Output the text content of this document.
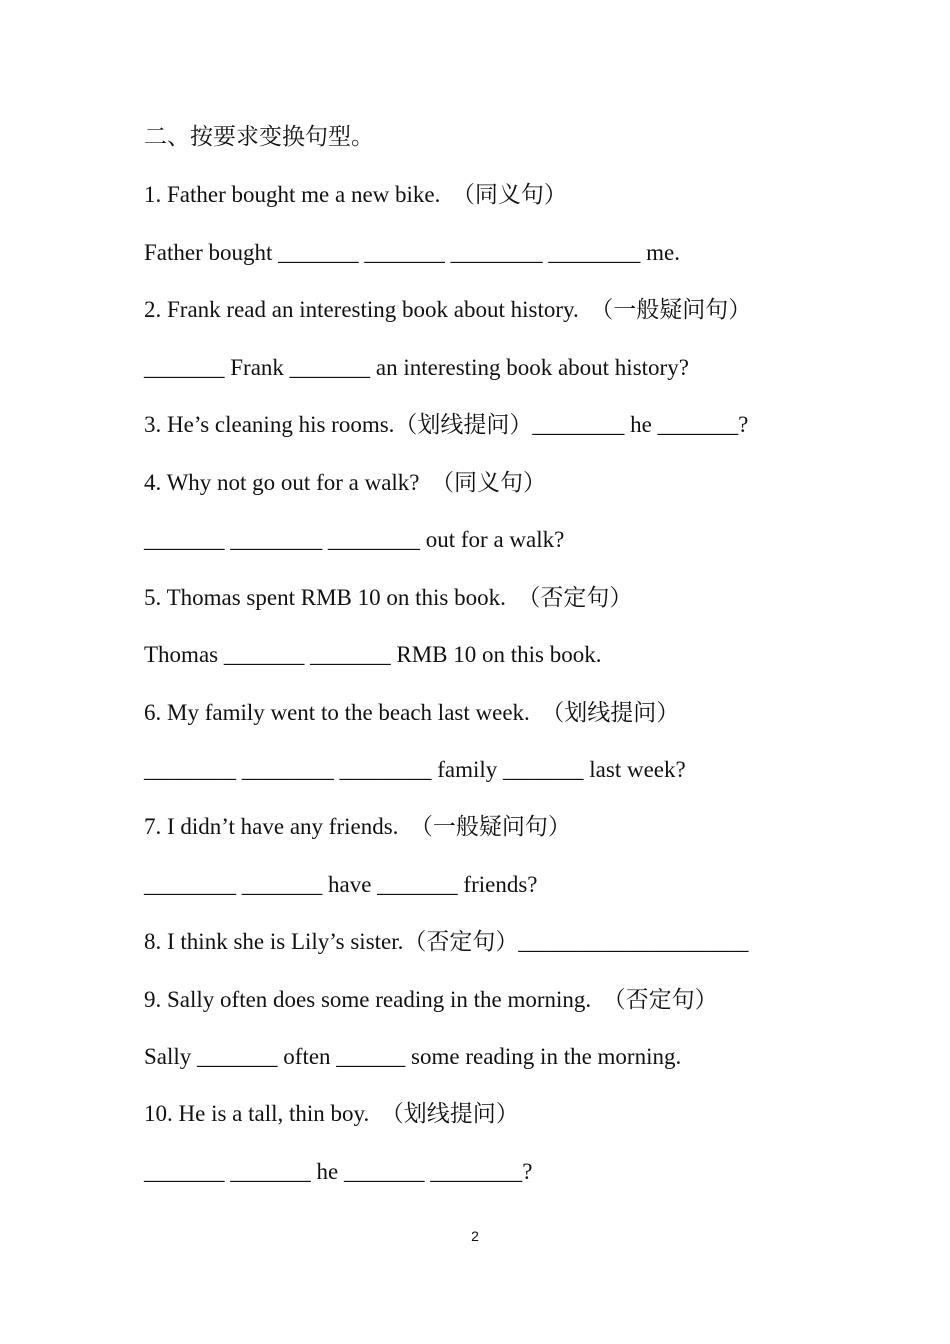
二、按要求变换句型。
1. Father bought me a new bike.  （同义句）
Father bought _______ _______ ________ ________ me.
2. Frank read an interesting book about history.  （一般疑问句）
_______ Frank _______ an interesting book about history?
3. He’s cleaning his rooms.（划线提问）________ he _______?
4. Why not go out for a walk?  （同义句）
_______ ________ ________ out for a walk?
5. Thomas spent RMB 10 on this book.  （否定句）
Thomas _______ _______ RMB 10 on this book.
6. My family went to the beach last week.  （划线提问）
________ ________ ________ family _______ last week?
7. I didn’t have any friends.  （一般疑问句）
________ _______ have _______ friends?
8. I think she is Lily’s sister.（否定句）____________________
9. Sally often does some reading in the morning.  （否定句）
Sally _______ often ______ some reading in the morning.
10. He is a tall, thin boy.  （划线提问）
_______ _______ he _______ ________?
2
